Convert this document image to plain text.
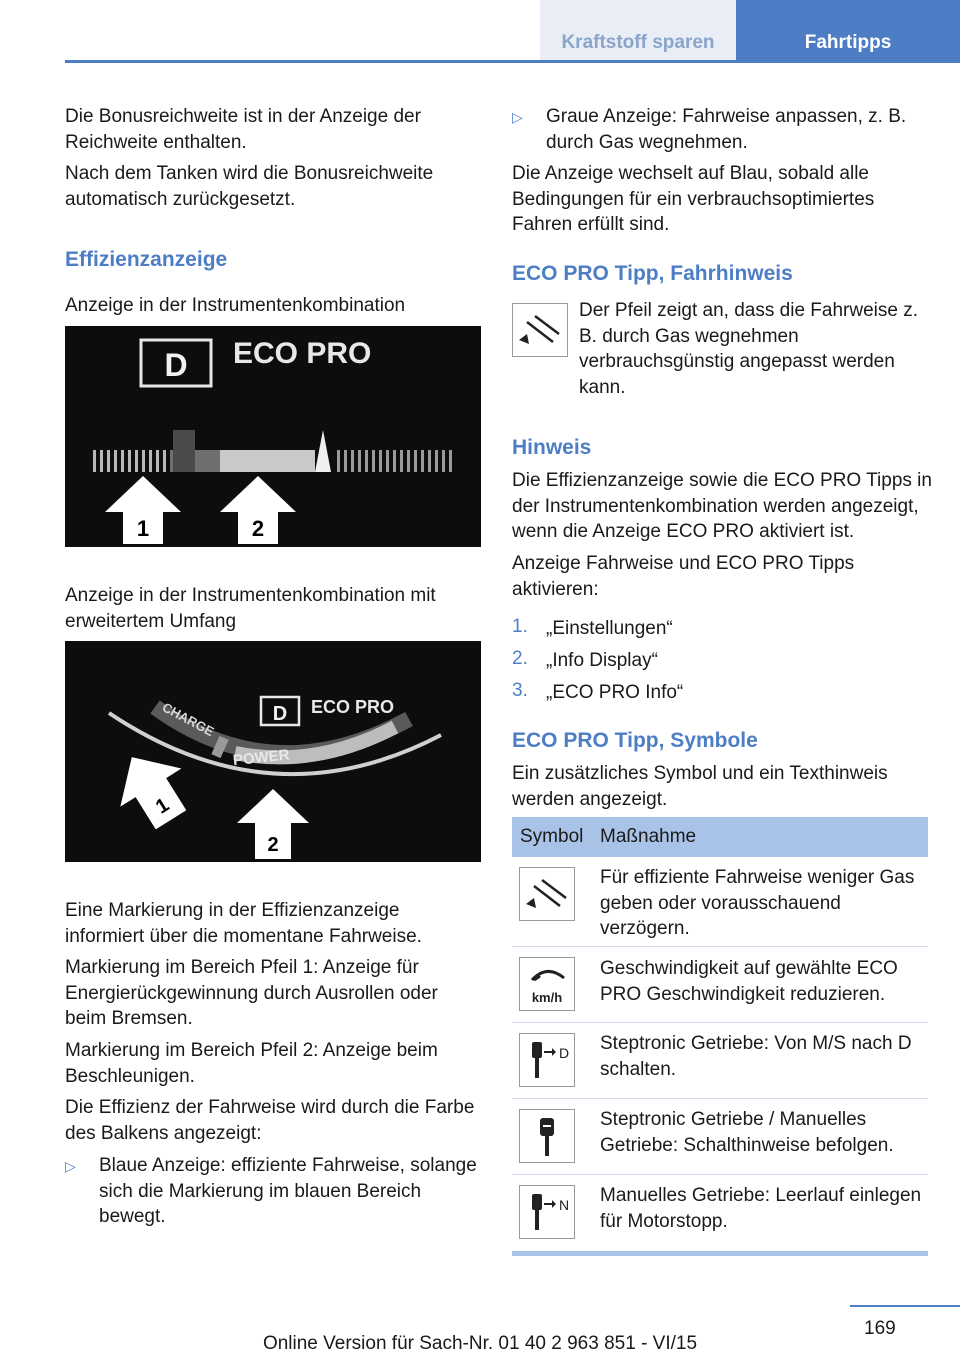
Kraftstoff sparen	Fahrtipps
Die Bonusreichweite ist in der Anzeige der Reichweite enthalten.
Nach dem Tanken wird die Bonusreichweite automatisch zurückgesetzt.
Effizienzanzeige
Anzeige in der Instrumentenkombination
D ECO PRO
1	2
Anzeige in der Instrumentenkombination mit erweitertem Umfang
D ECO PRO
CHARGE
POWER
1
2
Eine Markierung in der Effizienzanzeige informiert über die momentane Fahrweise.
Markierung im Bereich Pfeil 1: Anzeige für Energierückgewinnung durch Ausrollen oder beim Bremsen.
Markierung im Bereich Pfeil 2: Anzeige beim Beschleunigen.
Die Effizienz der Fahrweise wird durch die Farbe des Balkens angezeigt:
▷ Blaue Anzeige: effiziente Fahrweise, solange sich die Markierung im blauen Bereich bewegt.
▷ Graue Anzeige: Fahrweise anpassen, z. B. durch Gas wegnehmen.
Die Anzeige wechselt auf Blau, sobald alle Bedingungen für ein verbrauchsoptimiertes Fahren erfüllt sind.
ECO PRO Tipp, Fahrhinweis
Der Pfeil zeigt an, dass die Fahrweise z. B. durch Gas wegnehmen verbrauchsgünstig angepasst werden kann.
Hinweis
Die Effizienzanzeige sowie die ECO PRO Tipps in der Instrumentenkombination werden angezeigt, wenn die Anzeige ECO PRO aktiviert ist.
Anzeige Fahrweise und ECO PRO Tipps aktivieren:
1. „Einstellungen“
2. „Info Display“
3. „ECO PRO Info“
ECO PRO Tipp, Symbole
Ein zusätzliches Symbol und ein Texthinweis werden angezeigt.
Symbol Maßnahme
Für effiziente Fahrweise weniger Gas geben oder vorausschauend verzögern.
km/h
Geschwindigkeit auf gewählte ECO PRO Geschwindigkeit reduzieren.
D Steptronic Getriebe: Von M/S nach D schalten.
Steptronic Getriebe / Manuelles Getriebe: Schalthinweise befolgen.
N Manuelles Getriebe: Leerlauf einlegen für Motorstopp.
169
Online Version für Sach-Nr. 01 40 2 963 851 - VI/15
